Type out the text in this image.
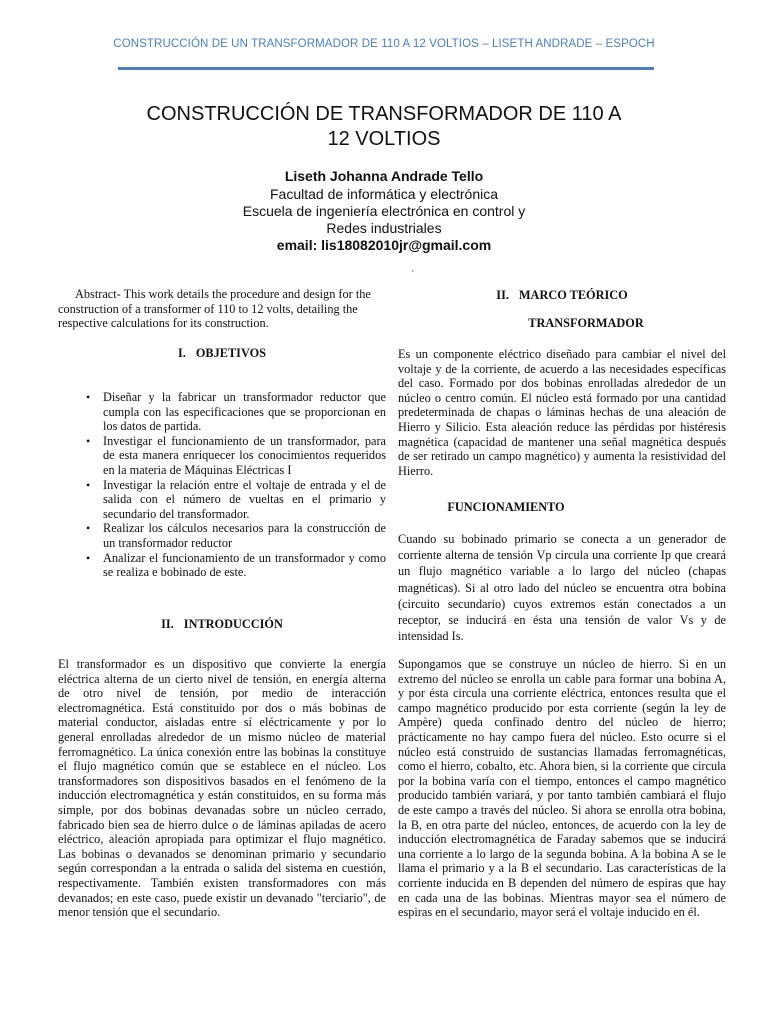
CONSTRUCCIÓN DE UN TRANSFORMADOR DE 110 A 12 VOLTIOS – LISETH ANDRADE – ESPOCH
CONSTRUCCIÓN DE TRANSFORMADOR DE 110 A
12 VOLTIOS
Liseth Johanna Andrade Tello
Facultad de informática y electrónica
Escuela de ingeniería electrónica en control y
Redes industriales
email: lis18082010jr@gmail.com
`
Abstract- This work details the procedure and design for the construction of a transformer of 110 to 12 volts, detailing the respective calculations for its construction.
I. OBJETIVOS
• Diseñar y la fabricar un transformador reductor que cumpla con las especificaciones que se proporcionan en los datos de partida.
• Investigar el funcionamiento de un transformador, para de esta manera enriquecer los conocimientos requeridos en la materia de Máquinas Eléctricas I
• Investigar la relación entre el voltaje de entrada y el de salida con el número de vueltas en el primario y secundario del transformador.
• Realizar los cálculos necesarios para la construcción de un transformador reductor
• Analizar el funcionamiento de un transformador y como se realiza e bobinado de este.
II. INTRODUCCIÓN

El transformador es un dispositivo que convierte la energía eléctrica alterna de un cierto nivel de tensión, en energía alterna de otro nivel de tensión, por medio de interacción electromagnética. Está constituido por dos o más bobinas de material conductor, aisladas entre sí eléctricamente y por lo general enrolladas alrededor de un mismo núcleo de material ferromagnético. La única conexión entre las bobinas la constituye el flujo magnético común que se establece en el núcleo. Los transformadores son dispositivos basados en el fenómeno de la inducción electromagnética y están constituidos, en su forma más simple, por dos bobinas devanadas sobre un núcleo cerrado, fabricado bien sea de hierro dulce o de láminas apiladas de acero eléctrico, aleación apropiada para optimizar el flujo magnético. Las bobinas o devanados se denominan primario y secundario según correspondan a la entrada o salida del sistema en cuestión, respectivamente. También existen transformadores con más devanados; en este caso, puede existir un devanado "terciario", de menor tensión que el secundario.

II. MARCO TEÓRICO
TRANSFORMADOR

Es un componente eléctrico diseñado para cambiar el nivel del voltaje y de la corriente, de acuerdo a las necesidades específicas del caso. Formado por dos bobinas enrolladas alrededor de un núcleo o centro común. El núcleo está formado por una cantidad predeterminada de chapas o láminas hechas de una aleación de Hierro y Silicio. Esta aleación reduce las pérdidas por histéresis magnética (capacidad de mantener una señal magnética después de ser retirado un campo magnético) y aumenta la resistividad del Hierro.

FUNCIONAMIENTO

Cuando su bobinado primario se conecta a un generador de corriente alterna de tensión Vp circula una corriente Ip que creará un flujo magnético variable a lo largo del núcleo (chapas magnéticas). Si al otro lado del núcleo se encuentra otra bobina (circuito secundario) cuyos extremos están conectados a un receptor, se inducirá en ésta una tensión de valor Vs y de intensidad Is.

Supongamos que se construye un núcleo de hierro. Si en un extremo del núcleo se enrolla un cable para formar una bobina A, y por ésta circula una corriente eléctrica, entonces resulta que el campo magnético producido por esta corriente (según la ley de Ampère) queda confinado dentro del núcleo de hierro; prácticamente no hay campo fuera del núcleo. Esto ocurre si el núcleo está construido de sustancias llamadas ferromagnéticas, como el hierro, cobalto, etc. Ahora bien, si la corriente que circula por la bobina varía con el tiempo, entonces el campo magnético producido también variará, y por tanto también cambiará el flujo de este campo a través del núcleo. Si ahora se enrolla otra bobina, la B, en otra parte del núcleo, entonces, de acuerdo con la ley de inducción electromagnética de Faraday sabemos que se inducirá una corriente a lo largo de la segunda bobina. A la bobina A se le llama el primario y a la B el secundario. Las características de la corriente inducida en B dependen del número de espiras que hay en cada una de las bobinas. Mientras mayor sea el número de espiras en el secundario, mayor será el voltaje inducido en él.
